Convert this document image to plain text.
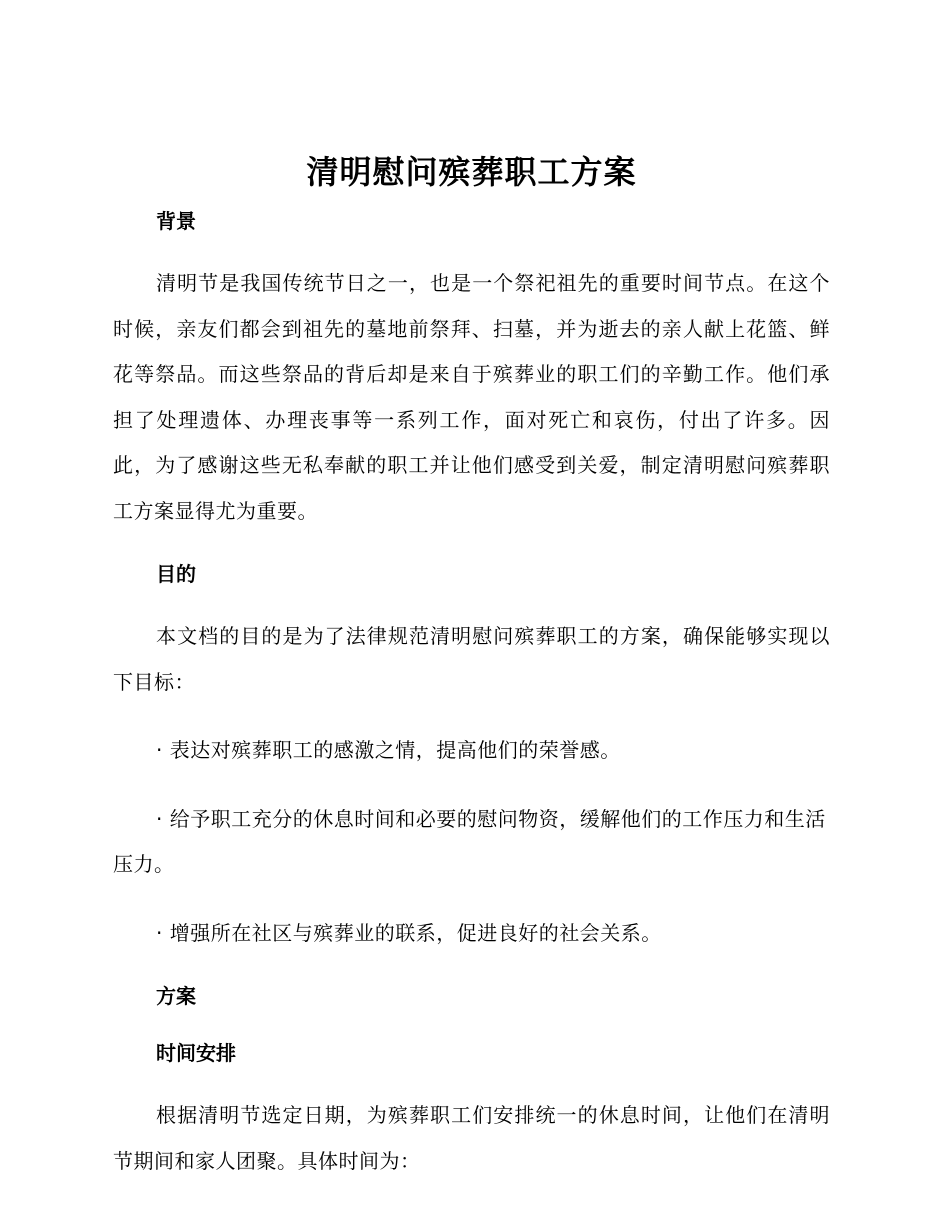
清明慰问殡葬职工方案
背景

清明节是我国传统节日之一，也是一个祭祀祖先的重要时间节点。在这个时候，亲友们都会到祖先的墓地前祭拜、扫墓，并为逝去的亲人献上花篮、鲜花等祭品。而这些祭品的背后却是来自于殡葬业的职工们的辛勤工作。他们承担了处理遗体、办理丧事等一系列工作，面对死亡和哀伤，付出了许多。因此，为了感谢这些无私奉献的职工并让他们感受到关爱，制定清明慰问殡葬职工方案显得尤为重要。

目的

本文档的目的是为了法律规范清明慰问殡葬职工的方案，确保能够实现以下目标：

· 表达对殡葬职工的感激之情，提高他们的荣誉感。

· 给予职工充分的休息时间和必要的慰问物资，缓解他们的工作压力和生活压力。

· 增强所在社区与殡葬业的联系，促进良好的社会关系。

方案
时间安排

根据清明节选定日期，为殡葬职工们安排统一的休息时间，让他们在清明节期间和家人团聚。具体时间为：
